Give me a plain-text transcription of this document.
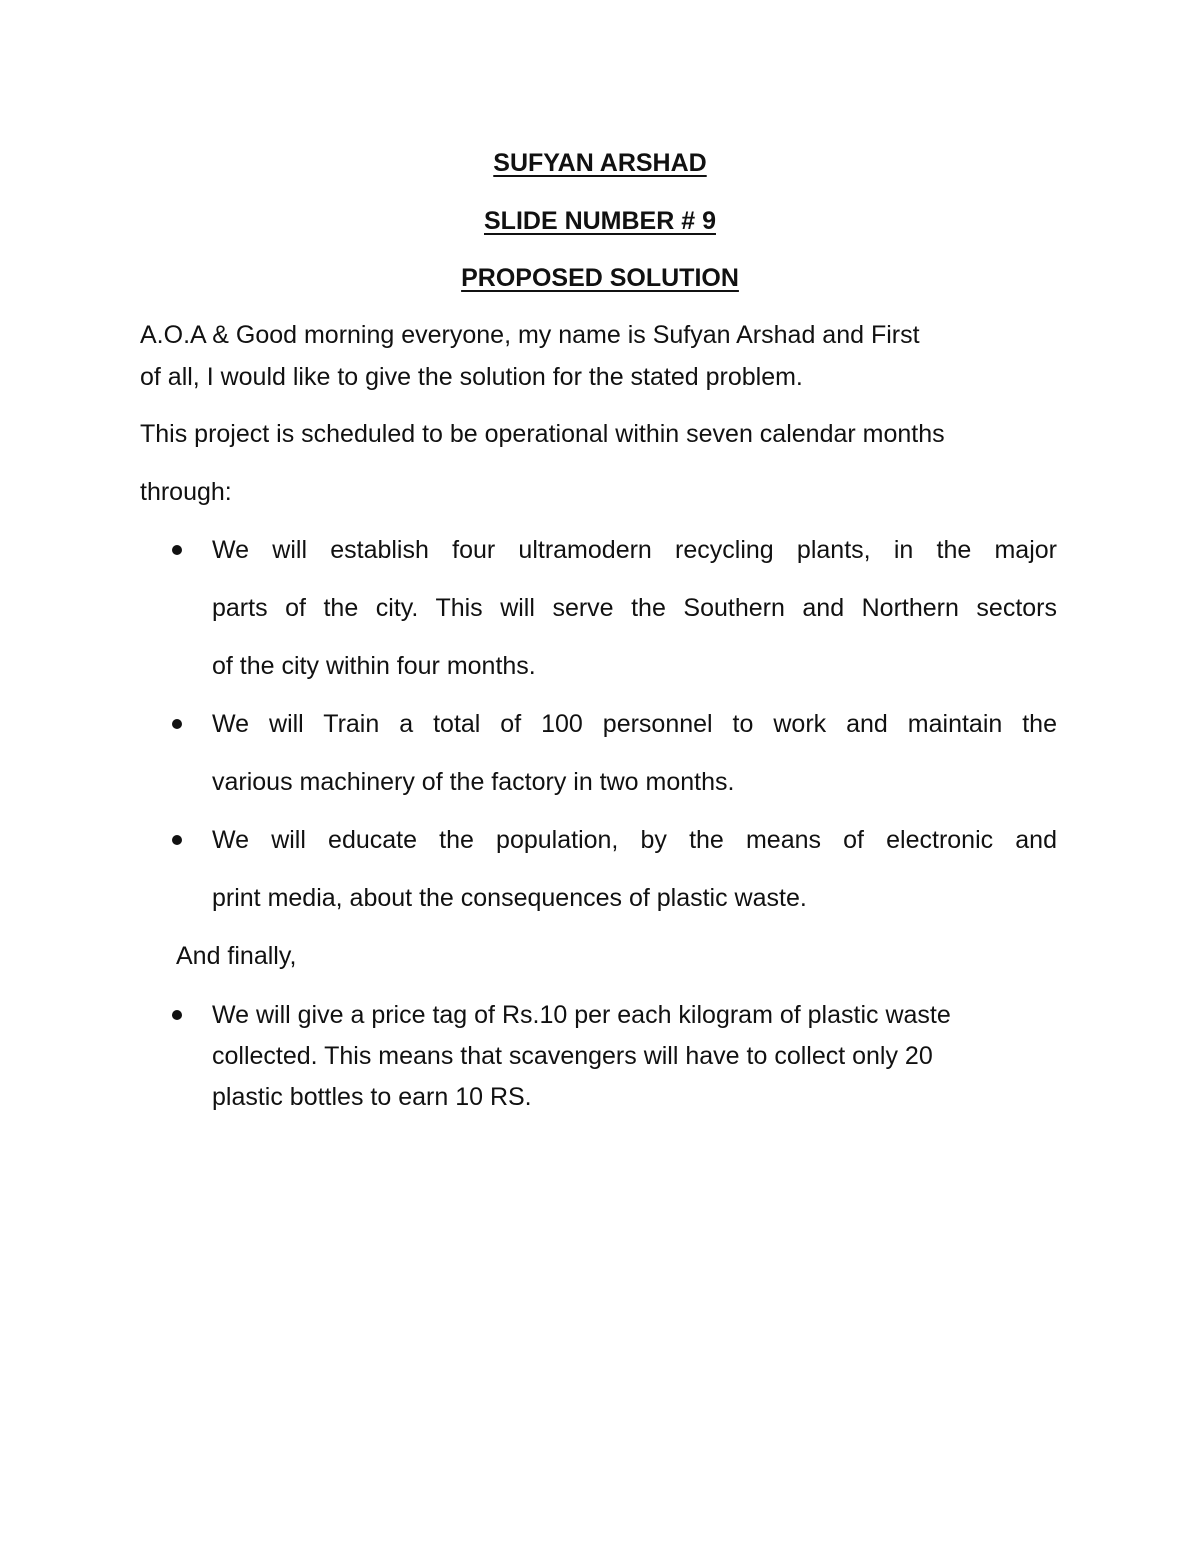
SUFYAN ARSHAD
SLIDE NUMBER # 9
PROPOSED SOLUTION
A.O.A & Good morning everyone, my name is Sufyan Arshad and First
of all, I would like to give the solution for the stated problem.
This project is scheduled to be operational within seven calendar months
through:
We will establish four ultramodern recycling plants, in the major
parts of the city. This will serve the Southern and Northern sectors
of the city within four months.
We will Train a total of 100 personnel to work and maintain the
various machinery of the factory in two months.
We will educate the population, by the means of electronic and
print media, about the consequences of plastic waste.
And finally,
We will give a price tag of Rs.10 per each kilogram of plastic waste
collected. This means that scavengers will have to collect only 20
plastic bottles to earn 10 RS.
